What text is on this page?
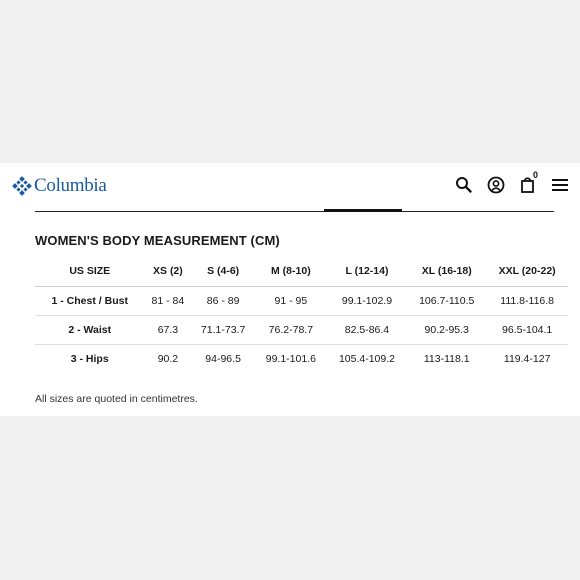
Columbia	0
WOMEN'S BODY MEASUREMENT (CM)
US SIZE	XS (2)	S (4-6)	M (8-10)	L (12-14)	XL (16-18)	XXL (20-22)
1 - Chest / Bust	81 - 84	86 - 89	91 - 95	99.1-102.9	106.7-110.5	111.8-116.8
2 - Waist	67.3	71.1-73.7	76.2-78.7	82.5-86.4	90.2-95.3	96.5-104.1
3 - Hips	90.2	94-96.5	99.1-101.6	105.4-109.2	113-118.1	119.4-127
All sizes are quoted in centimetres.
